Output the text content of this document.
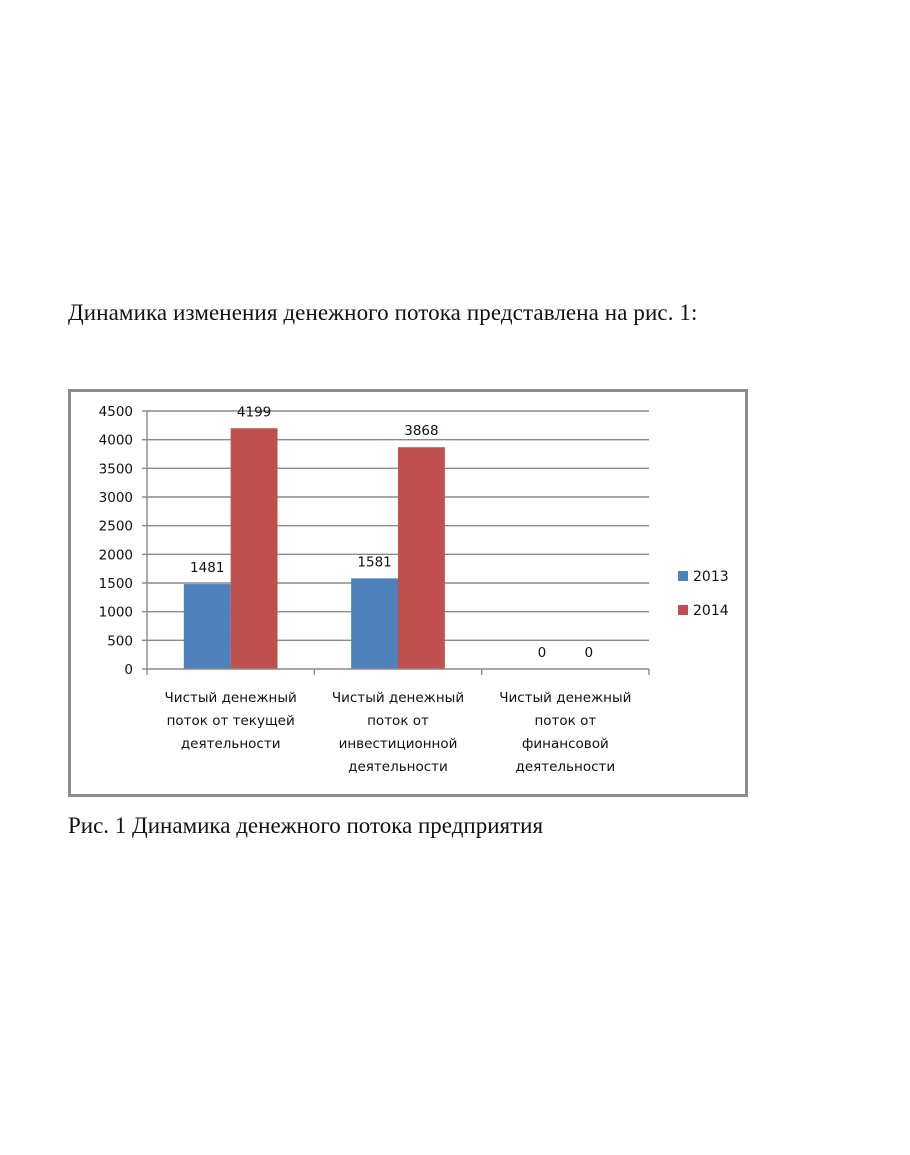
Динамика изменения денежного потока представлена на рис. 1:
0
500
1000
1500
2000
2500
3000
3500
4000
4500
1481
4199
1581
3868
0	0
Чистый денежный поток от текущей деятельности
Чистый денежный поток от инвестиционной деятельности
Чистый денежный поток от финансовой деятельности
2013
2014
Рис. 1 Динамика денежного потока предприятия
